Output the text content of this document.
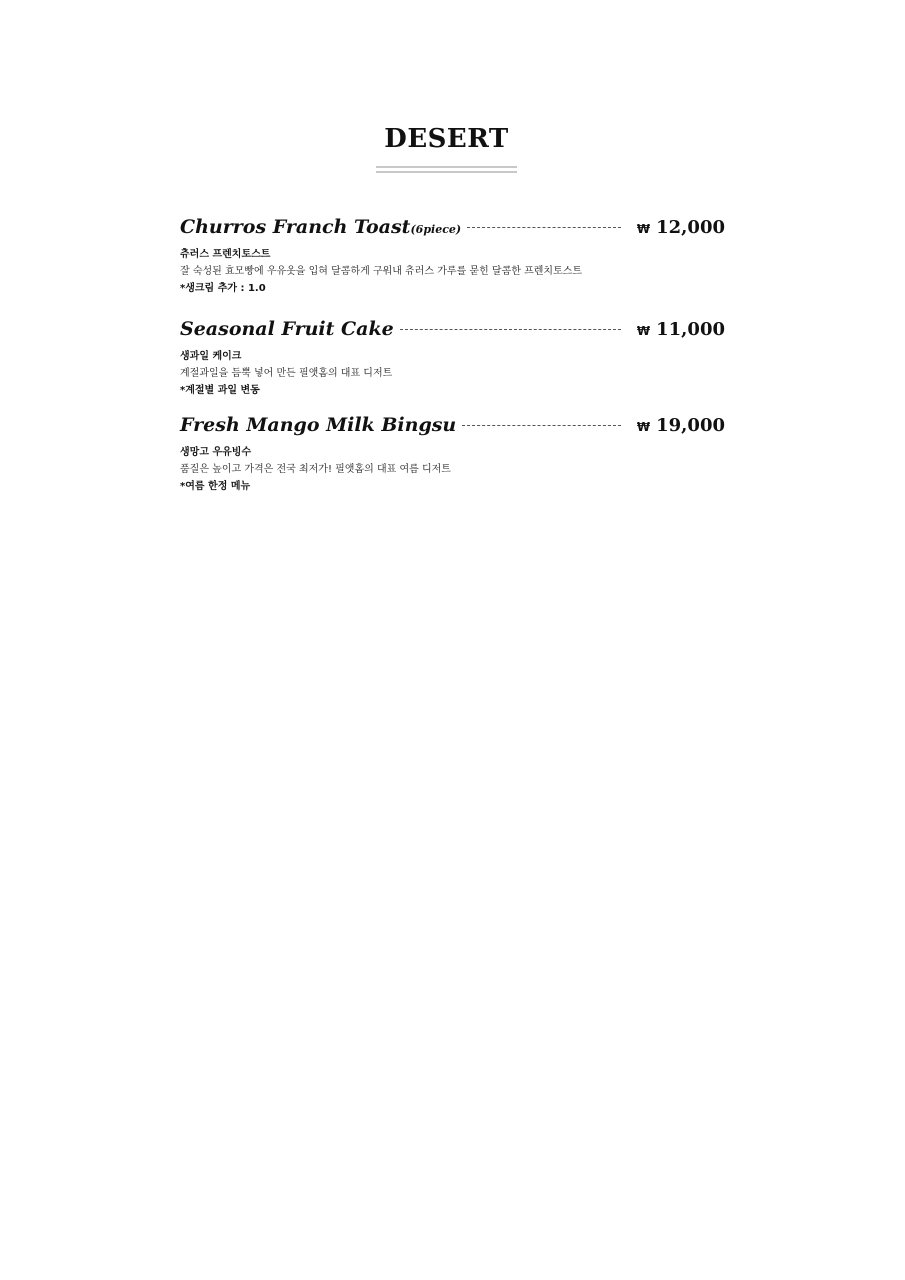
DESERT
Churros Franch Toast (6piece)	₩ 12,000
츄러스 프렌치토스트
잘 숙성된 효모빵에 우유옷을 입혀 달콤하게 구워내 츄러스 가루를 묻힌 달콤한 프렌치토스트
*생크림 추가 : 1.0
Seasonal Fruit Cake	₩ 11,000
생과일 케이크
계절과일을 듬뿍 넣어 만든 필앳홈의 대표 디저트
*계절별 과일 변동
Fresh Mango Milk Bingsu	₩ 19,000
생망고 우유빙수
품질은 높이고 가격은 전국 최저가! 필앳홈의 대표 여름 디저트
*여름 한정 메뉴
